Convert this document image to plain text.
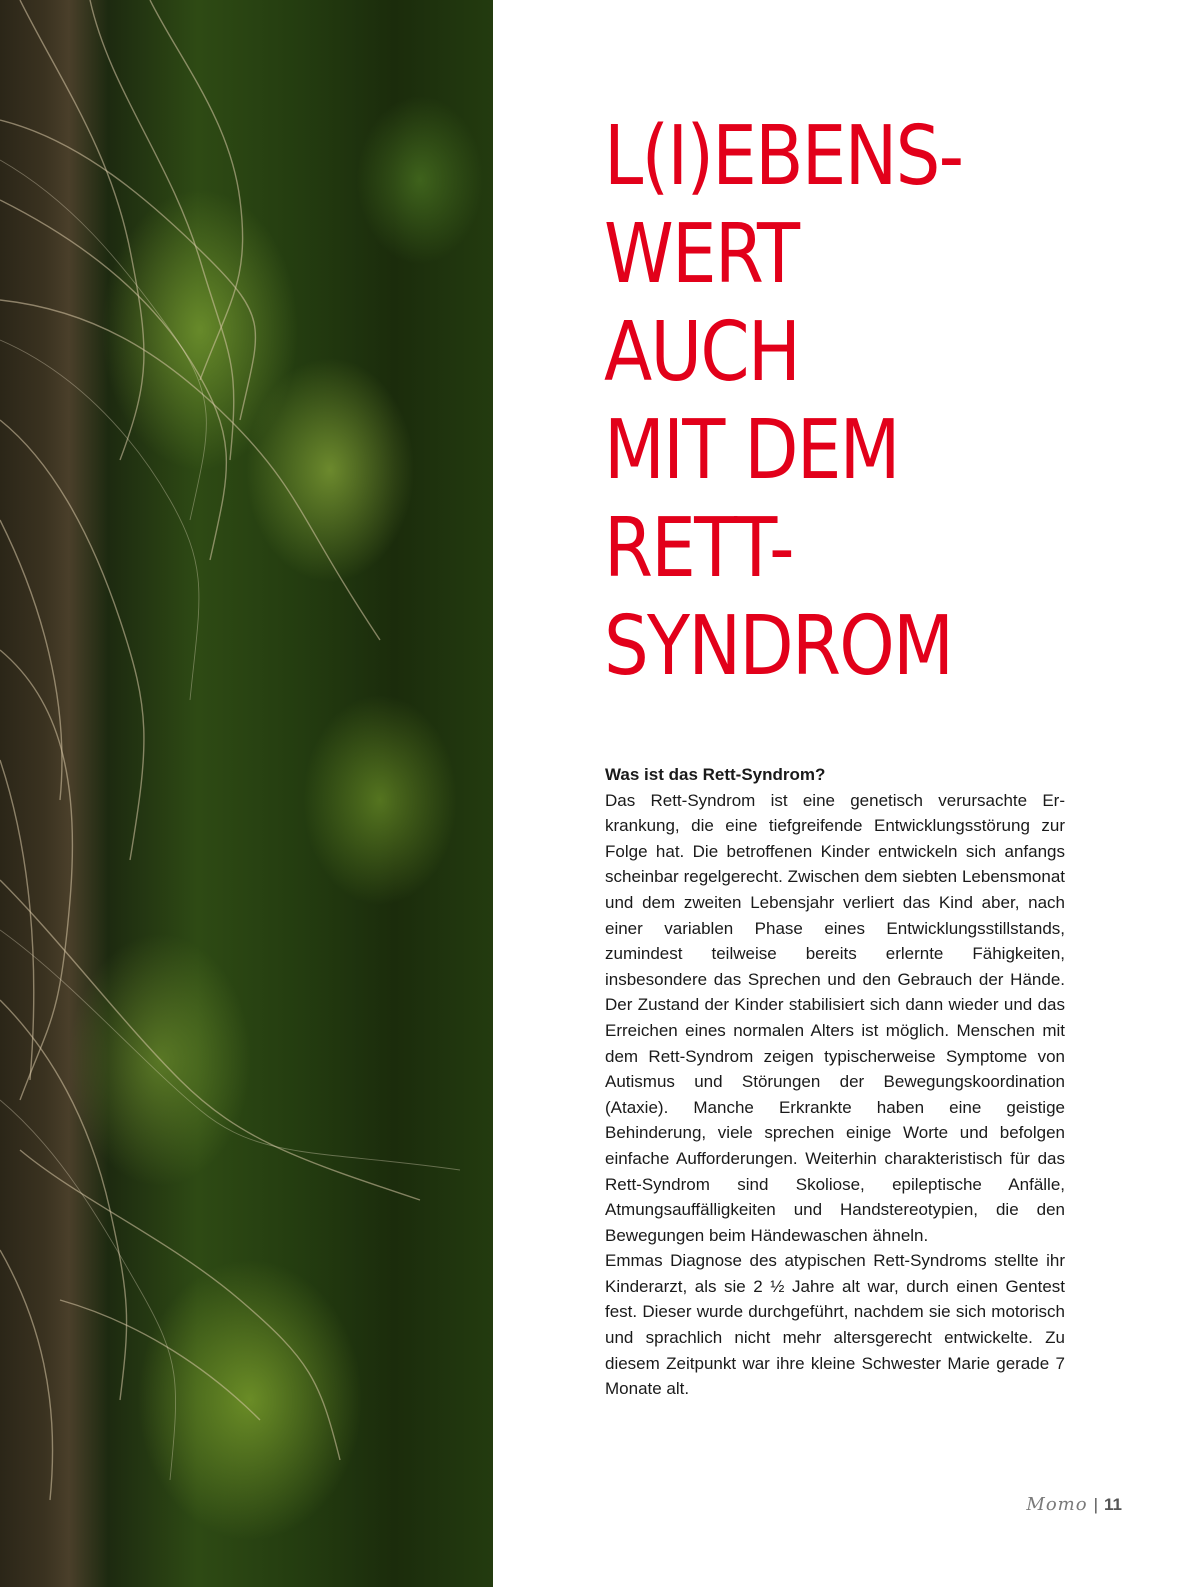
L(I)EBENS-
WERT
AUCH
MIT DEM
RETT-
SYNDROM
Was ist das Rett-Syndrom?

Das Rett-Syndrom ist eine genetisch verursachte Erkrankung, die eine tiefgreifende Entwicklungsstörung zur Folge hat. Die betroffenen Kinder entwickeln sich anfangs scheinbar regelgerecht. Zwischen dem siebten Lebensmonat und dem zweiten Lebensjahr verliert das Kind aber, nach einer variablen Phase eines Entwicklungsstillstands, zumindest teilweise bereits erlernte Fähigkeiten, insbesondere das Sprechen und den Gebrauch der Hände. Der Zustand der Kinder stabilisiert sich dann wieder und das Erreichen eines normalen Alters ist möglich. Menschen mit dem Rett-Syndrom zeigen typischerweise Symptome von Autismus und Störungen der Bewegungskoordination (Ataxie). Manche Erkrankte haben eine geistige Behinderung, viele sprechen einige Worte und befolgen einfache Aufforderungen. Weiterhin charakteristisch für das Rett-Syndrom sind Skoliose, epileptische Anfälle, Atmungsauffälligkeiten und Handstereotypien, die den Bewegungen beim Händewaschen ähneln.

Emmas Diagnose des atypischen Rett-Syndroms stellte ihr Kinderarzt, als sie 2 ½ Jahre alt war, durch einen Gentest fest. Dieser wurde durchgeführt, nachdem sie sich motorisch und sprachlich nicht mehr altersgerecht entwickelte. Zu diesem Zeitpunkt war ihre kleine Schwester Marie gerade 7 Monate alt.

Momo | 11
